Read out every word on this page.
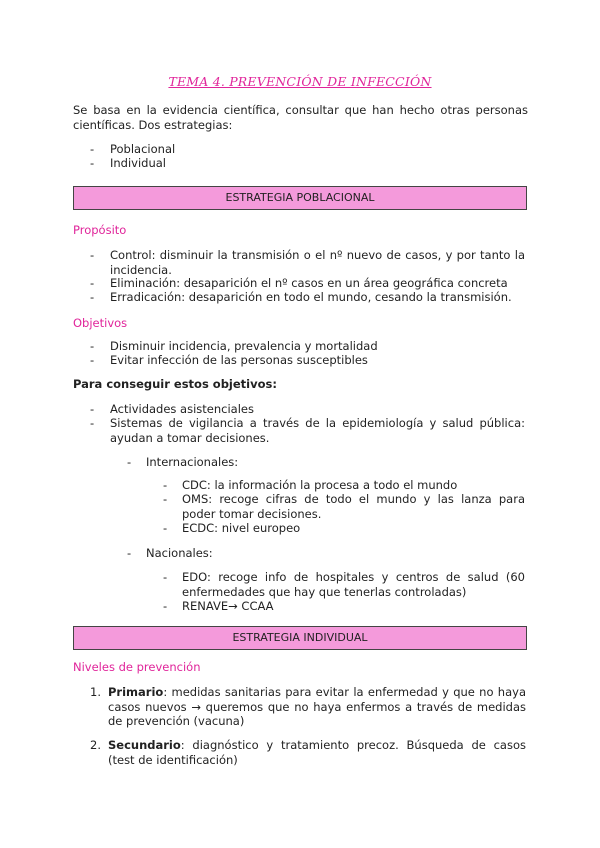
TEMA 4. PREVENCIÓN DE INFECCIÓN
Se basa en la evidencia científica, consultar que han hecho otras personas científicas. Dos estrategias:
- Poblacional
- Individual
ESTRATEGIA POBLACIONAL
Propósito
- Control: disminuir la transmisión o el nº nuevo de casos, y por tanto la incidencia.
- Eliminación: desaparición el nº casos en un área geográfica concreta
- Erradicación: desaparición en todo el mundo, cesando la transmisión.
Objetivos
- Disminuir incidencia, prevalencia y mortalidad
- Evitar infección de las personas susceptibles
Para conseguir estos objetivos:
- Actividades asistenciales
- Sistemas de vigilancia a través de la epidemiología y salud pública: ayudan a tomar decisiones.
- Internacionales:
- CDC: la información la procesa a todo el mundo
- OMS: recoge cifras de todo el mundo y las lanza para poder tomar decisiones.
- ECDC: nivel europeo
- Nacionales:
- EDO: recoge info de hospitales y centros de salud (60 enfermedades que hay que tenerlas controladas)
- RENAVE→ CCAA
ESTRATEGIA INDIVIDUAL
Niveles de prevención
1. Primario: medidas sanitarias para evitar la enfermedad y que no haya casos nuevos → queremos que no haya enfermos a través de medidas de prevención (vacuna)
2. Secundario: diagnóstico y tratamiento precoz. Búsqueda de casos (test de identificación)
